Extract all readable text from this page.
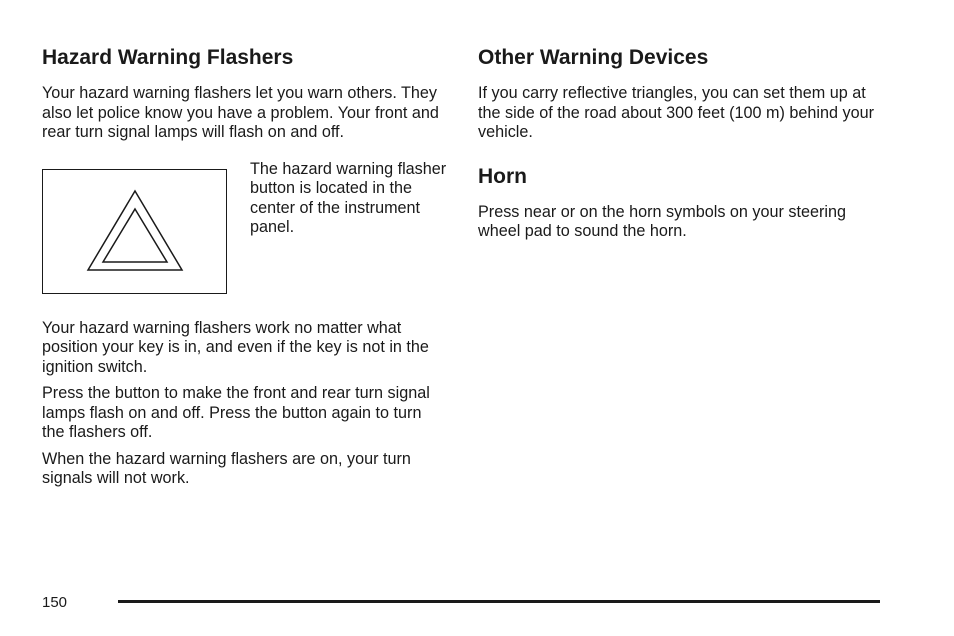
Hazard Warning Flashers

Your hazard warning flashers let you warn others. They also let police know you have a problem. Your front and rear turn signal lamps will flash on and off.

The hazard warning flasher button is located in the center of the instrument panel.

Your hazard warning flashers work no matter what position your key is in, and even if the key is not in the ignition switch.

Press the button to make the front and rear turn signal lamps flash on and off. Press the button again to turn the flashers off.

When the hazard warning flashers are on, your turn signals will not work.

Other Warning Devices

If you carry reflective triangles, you can set them up at the side of the road about 300 feet (100 m) behind your vehicle.

Horn

Press near or on the horn symbols on your steering wheel pad to sound the horn.

150
